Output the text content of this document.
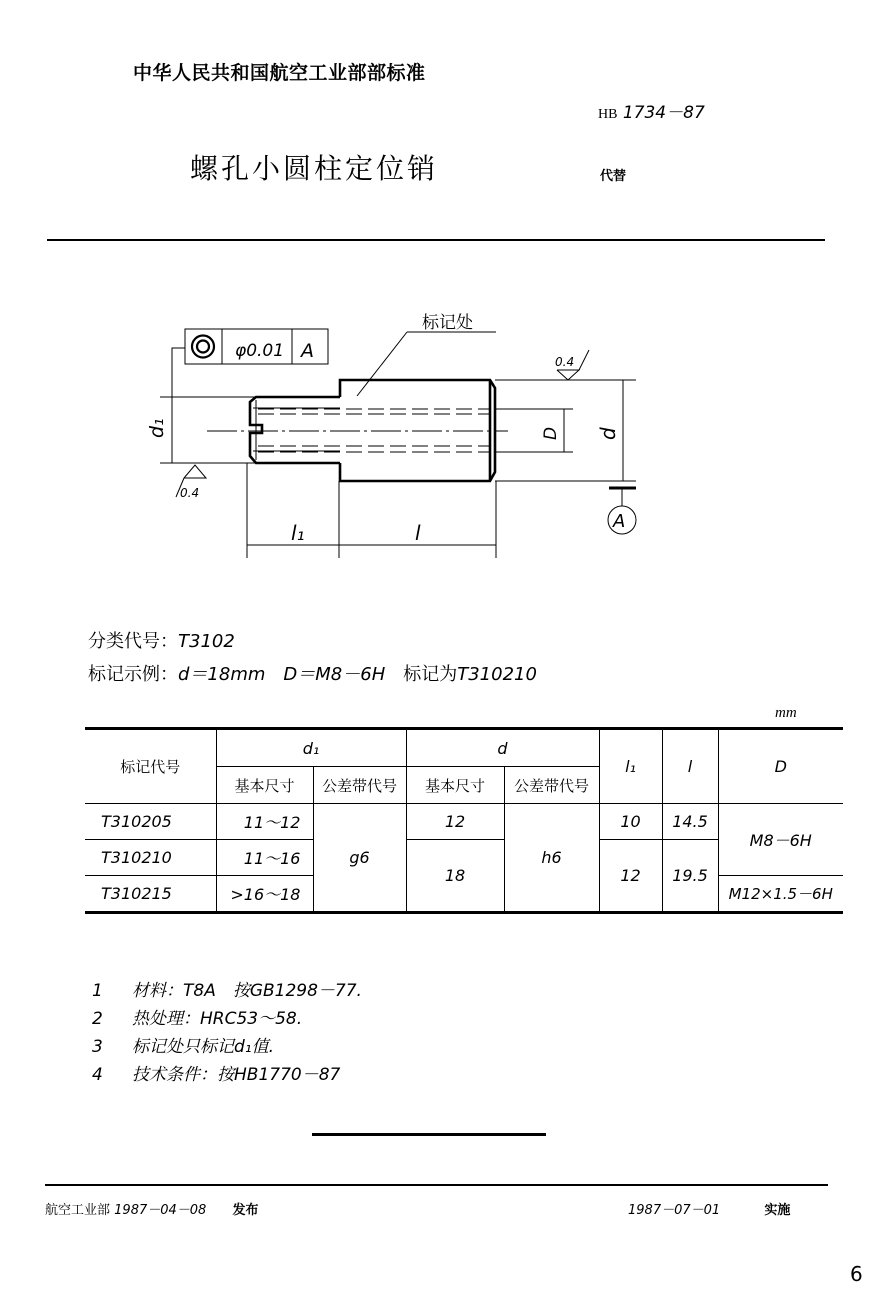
中华人民共和国航空工业部部标准
HB 1734－87
螺孔小圆柱定位销	代替
φ0.01 A
0.4
0.4
A
l₁	l
d₁	D d
标记处
分类代号：T3102
标记示例：d＝18mm　D＝M8－6H　标记为T310210
mm
标记代号	d₁		d		l₁	l	D
	基本尺寸	公差带代号	基本尺寸	公差带代号			
T310205	11～12	g6	12	h6	10	14.5	M8－6H
T310210	11～16		18		12	19.5	
T310215	>16～18						M12×1.5－6H
1 材料：T8A　按GB1298－77.
2 热处理：HRC53～58.
3 标记处只标记d₁值.
4 技术条件：按HB1770－87
航空工业部 1987－04－08 发布	1987－07－01	实施
6
